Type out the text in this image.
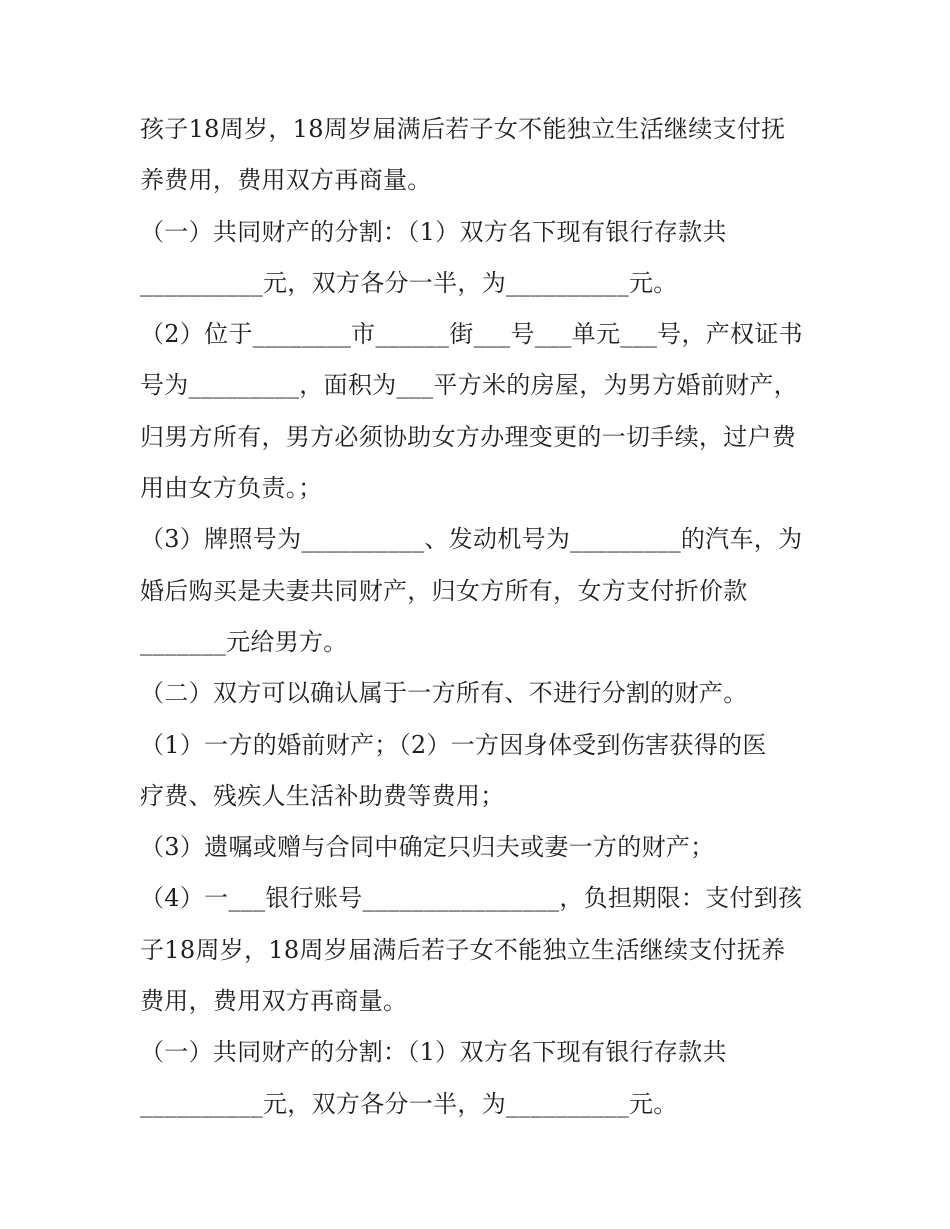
孩子18周岁，18周岁届满后若子女不能独立生活继续支付抚
养费用，费用双方再商量。
（一）共同财产的分割：（1）双方名下现有银行存款共
__________元，双方各分一半，为__________元。
（2）位于________市______街___号___单元___号，产权证书
号为_________，面积为___平方米的房屋，为男方婚前财产，
归男方所有，男方必须协助女方办理变更的一切手续，过户费
用由女方负责。；
（3）牌照号为__________、发动机号为_________的汽车，为
婚后购买是夫妻共同财产，归女方所有，女方支付折价款
_______元给男方。
（二）双方可以确认属于一方所有、不进行分割的财产。
（1）一方的婚前财产；（2）一方因身体受到伤害获得的医
疗费、残疾人生活补助费等费用；
（3）遗嘱或赠与合同中确定只归夫或妻一方的财产；
（4）一___银行账号________________，负担期限：支付到孩
子18周岁，18周岁届满后若子女不能独立生活继续支付抚养
费用，费用双方再商量。
（一）共同财产的分割：（1）双方名下现有银行存款共
__________元，双方各分一半，为__________元。
